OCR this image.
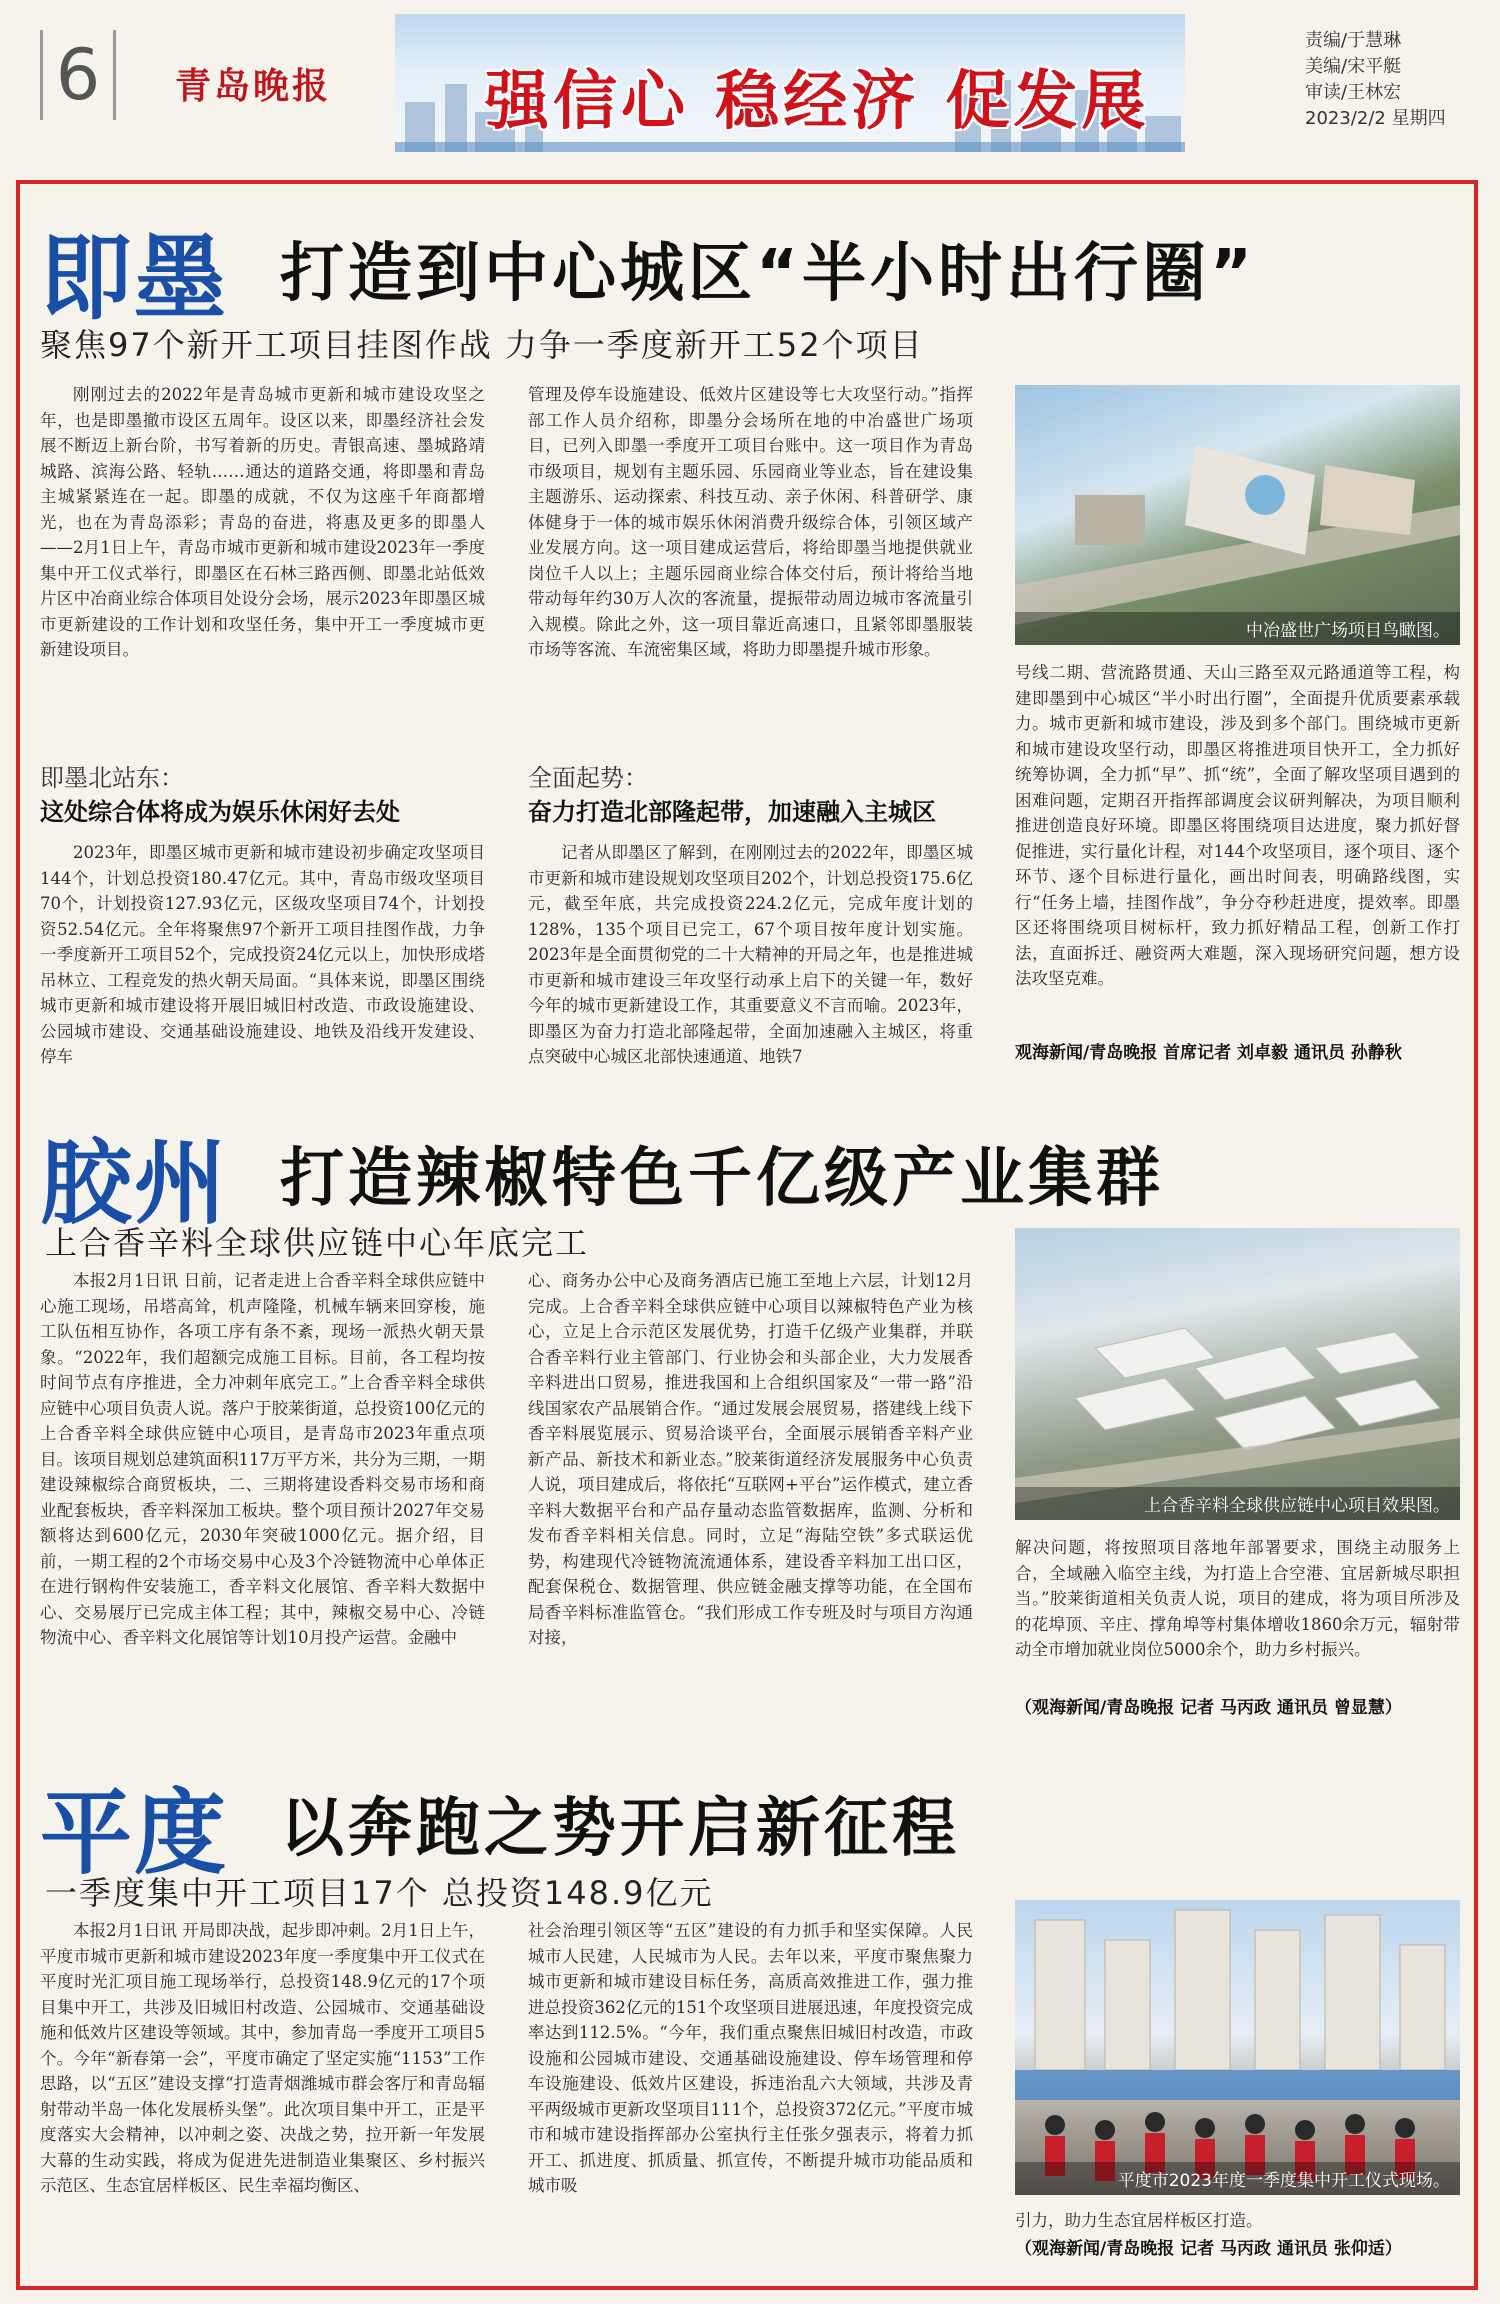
6	青岛晚报 强信心 稳经济 促发展
责编/于慧琳
美编/宋平艇
审读/王林宏
2023/2/2 星期四
即墨 打造到中心城区“半小时出行圈”
聚焦97个新开工项目挂图作战 力争一季度新开工52个项目

刚刚过去的2022年是青岛城市更新和城市建设攻坚之年，也是即墨撤市设区五周年。设区以来，即墨经济社会发展不断迈上新台阶，书写着新的历史。青银高速、墨城路靖城路、滨海公路、轻轨……通达的道路交通，将即墨和青岛主城紧紧连在一起。即墨的成就，不仅为这座千年商都增光，也在为青岛添彩；青岛的奋进，将惠及更多的即墨人——2月1日上午，青岛市城市更新和城市建设2023年一季度集中开工仪式举行，即墨区在石林三路西侧、即墨北站低效片区中冶商业综合体项目处设分会场，展示2023年即墨区城市更新建设的工作计划和攻坚任务，集中开工一季度城市更新建设项目。

即墨北站东：
这处综合体将成为娱乐休闲好去处

2023年，即墨区城市更新和城市建设初步确定攻坚项目144个，计划总投资180.47亿元。其中，青岛市级攻坚项目70个，计划投资127.93亿元，区级攻坚项目74个，计划投资52.54亿元。全年将聚焦97个新开工项目挂图作战，力争一季度新开工项目52个，完成投资24亿元以上，加快形成塔吊林立、工程竞发的热火朝天局面。“具体来说，即墨区围绕城市更新和城市建设将开展旧城旧村改造、市政设施建设、公园城市建设、交通基础设施建设、地铁及沿线开发建设、停车

管理及停车设施建设、低效片区建设等七大攻坚行动。”指挥部工作人员介绍称，即墨分会场所在地的中冶盛世广场项目，已列入即墨一季度开工项目台账中。这一项目作为青岛市级项目，规划有主题乐园、乐园商业等业态，旨在建设集主题游乐、运动探索、科技互动、亲子休闲、科普研学、康体健身于一体的城市娱乐休闲消费升级综合体，引领区域产业发展方向。这一项目建成运营后，将给即墨当地提供就业岗位千人以上；主题乐园商业综合体交付后，预计将给当地带动每年约30万人次的客流量，提振带动周边城市客流量引入规模。除此之外，这一项目靠近高速口，且紧邻即墨服装市场等客流、车流密集区域，将助力即墨提升城市形象。

全面起势：
奋力打造北部隆起带，加速融入主城区

记者从即墨区了解到，在刚刚过去的2022年，即墨区城市更新和城市建设规划攻坚项目202个，计划总投资175.6亿元，截至年底，共完成投资224.2亿元，完成年度计划的128%，135个项目已完工，67个项目按年度计划实施。2023年是全面贯彻党的二十大精神的开局之年，也是推进城市更新和城市建设三年攻坚行动承上启下的关键一年，数好今年的城市更新建设工作，其重要意义不言而喻。2023年，即墨区为奋力打造北部隆起带，全面加速融入主城区，将重点突破中心城区北部快速通道、地铁7

中冶盛世广场项目鸟瞰图。

号线二期、营流路贯通、天山三路至双元路通道等工程，构建即墨到中心城区“半小时出行圈”，全面提升优质要素承载力。城市更新和城市建设，涉及到多个部门。围绕城市更新和城市建设攻坚行动，即墨区将推进项目快开工，全力抓好统筹协调，全力抓“早”、抓“统”，全面了解攻坚项目遇到的困难问题，定期召开指挥部调度会议研判解决，为项目顺利推进创造良好环境。即墨区将围绕项目达进度，聚力抓好督促推进，实行量化计程，对144个攻坚项目，逐个项目、逐个环节、逐个目标进行量化，画出时间表，明确路线图，实行“任务上墙，挂图作战”，争分夺秒赶进度，提效率。即墨区还将围绕项目树标杆，致力抓好精品工程，创新工作打法，直面拆迁、融资两大难题，深入现场研究问题，想方设法攻坚克难。

观海新闻/青岛晚报 首席记者 刘卓毅 通讯员 孙静秋
胶州 打造辣椒特色千亿级产业集群
上合香辛料全球供应链中心年底完工

本报2月1日讯 日前，记者走进上合香辛料全球供应链中心施工现场，吊塔高耸，机声隆隆，机械车辆来回穿梭，施工队伍相互协作，各项工序有条不紊，现场一派热火朝天景象。“2022年，我们超额完成施工目标。目前，各工程均按时间节点有序推进，全力冲刺年底完工。”上合香辛料全球供应链中心项目负责人说。落户于胶莱街道，总投资100亿元的上合香辛料全球供应链中心项目，是青岛市2023年重点项目。该项目规划总建筑面积117万平方米，共分为三期，一期建设辣椒综合商贸板块，二、三期将建设香料交易市场和商业配套板块，香辛料深加工板块。整个项目预计2027年交易额将达到600亿元，2030年突破1000亿元。据介绍，目前，一期工程的2个市场交易中心及3个冷链物流中心单体正在进行钢构件安装施工，香辛料文化展馆、香辛料大数据中心、交易展厅已完成主体工程；其中，辣椒交易中心、冷链物流中心、香辛料文化展馆等计划10月投产运营。金融中

心、商务办公中心及商务酒店已施工至地上六层，计划12月完成。上合香辛料全球供应链中心项目以辣椒特色产业为核心，立足上合示范区发展优势，打造千亿级产业集群，并联合香辛料行业主管部门、行业协会和头部企业，大力发展香辛料进出口贸易，推进我国和上合组织国家及“一带一路”沿线国家农产品展销合作。“通过发展会展贸易，搭建线上线下香辛料展览展示、贸易洽谈平台，全面展示展销香辛料产业新产品、新技术和新业态。”胶莱街道经济发展服务中心负责人说，项目建成后，将依托“互联网+平台”运作模式，建立香辛料大数据平台和产品存量动态监管数据库，监测、分析和发布香辛料相关信息。同时，立足“海陆空铁”多式联运优势，构建现代冷链物流流通体系，建设香辛料加工出口区，配套保税仓、数据管理、供应链金融支撑等功能，在全国布局香辛料标准监管仓。“我们形成工作专班及时与项目方沟通对接，

上合香辛料全球供应链中心项目效果图。

解决问题，将按照项目落地年部署要求，围绕主动服务上合，全域融入临空主线，为打造上合空港、宜居新城尽职担当。”胶莱街道相关负责人说，项目的建成，将为项目所涉及的花埠顶、辛庄、撑角埠等村集体增收1860余万元，辐射带动全市增加就业岗位5000余个，助力乡村振兴。

（观海新闻/青岛晚报 记者 马丙政 通讯员 曾显慧）
平度 以奔跑之势开启新征程
一季度集中开工项目17个 总投资148.9亿元

本报2月1日讯 开局即决战，起步即冲刺。2月1日上午，平度市城市更新和城市建设2023年度一季度集中开工仪式在平度时光汇项目施工现场举行，总投资148.9亿元的17个项目集中开工，共涉及旧城旧村改造、公园城市、交通基础设施和低效片区建设等领域。其中，参加青岛一季度开工项目5个。今年“新春第一会”，平度市确定了坚定实施“1153”工作思路，以“五区”建设支撑“打造青烟潍城市群会客厅和青岛辐射带动半岛一体化发展桥头堡”。此次项目集中开工，正是平度落实大会精神，以冲刺之姿、决战之势，拉开新一年发展大幕的生动实践，将成为促进先进制造业集聚区、乡村振兴示范区、生态宜居样板区、民生幸福均衡区、

社会治理引领区等“五区”建设的有力抓手和坚实保障。人民城市人民建，人民城市为人民。去年以来，平度市聚焦聚力城市更新和城市建设目标任务，高质高效推进工作，强力推进总投资362亿元的151个攻坚项目进展迅速，年度投资完成率达到112.5%。“今年，我们重点聚焦旧城旧村改造，市政设施和公园城市建设、交通基础设施建设、停车场管理和停车设施建设、低效片区建设，拆违治乱六大领域，共涉及青平两级城市更新攻坚项目111个，总投资372亿元。”平度市城市和城市建设指挥部办公室执行主任张夕强表示，将着力抓开工、抓进度、抓质量、抓宣传，不断提升城市功能品质和城市吸	平度市2023年度一季度集中开工仪式现场。
引力，助力生态宜居样板区打造。
（观海新闻/青岛晚报 记者 马丙政 通讯员 张仰适）
